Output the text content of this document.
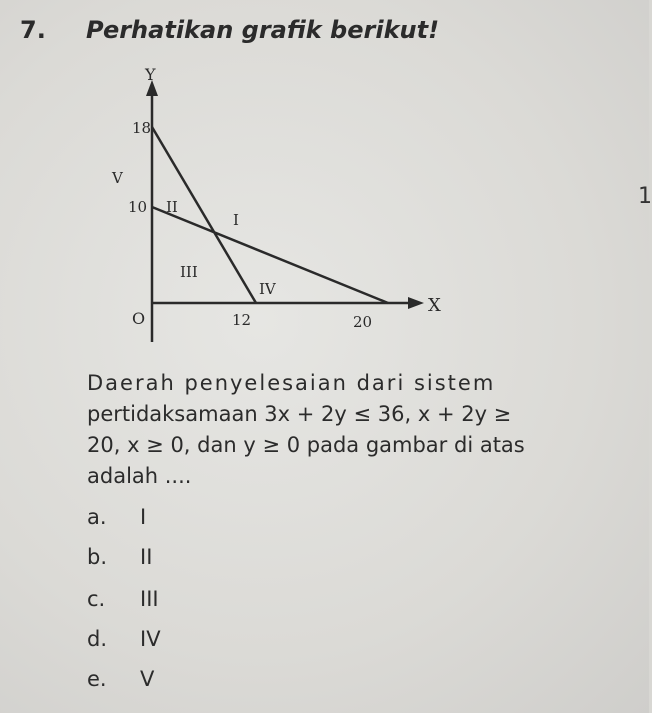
7. Perhatikan grafik berikut!
1
Y
X
O
18
10
12	20
I
II
III
IV
V

Daerah penyelesaian dari sistem

pertidaksamaan 3x + 2y ≤ 36, x + 2y ≥

20, x ≥ 0, dan y ≥ 0 pada gambar di atas

adalah ....

a. I
b. II
c. III
d. IV
e. V
